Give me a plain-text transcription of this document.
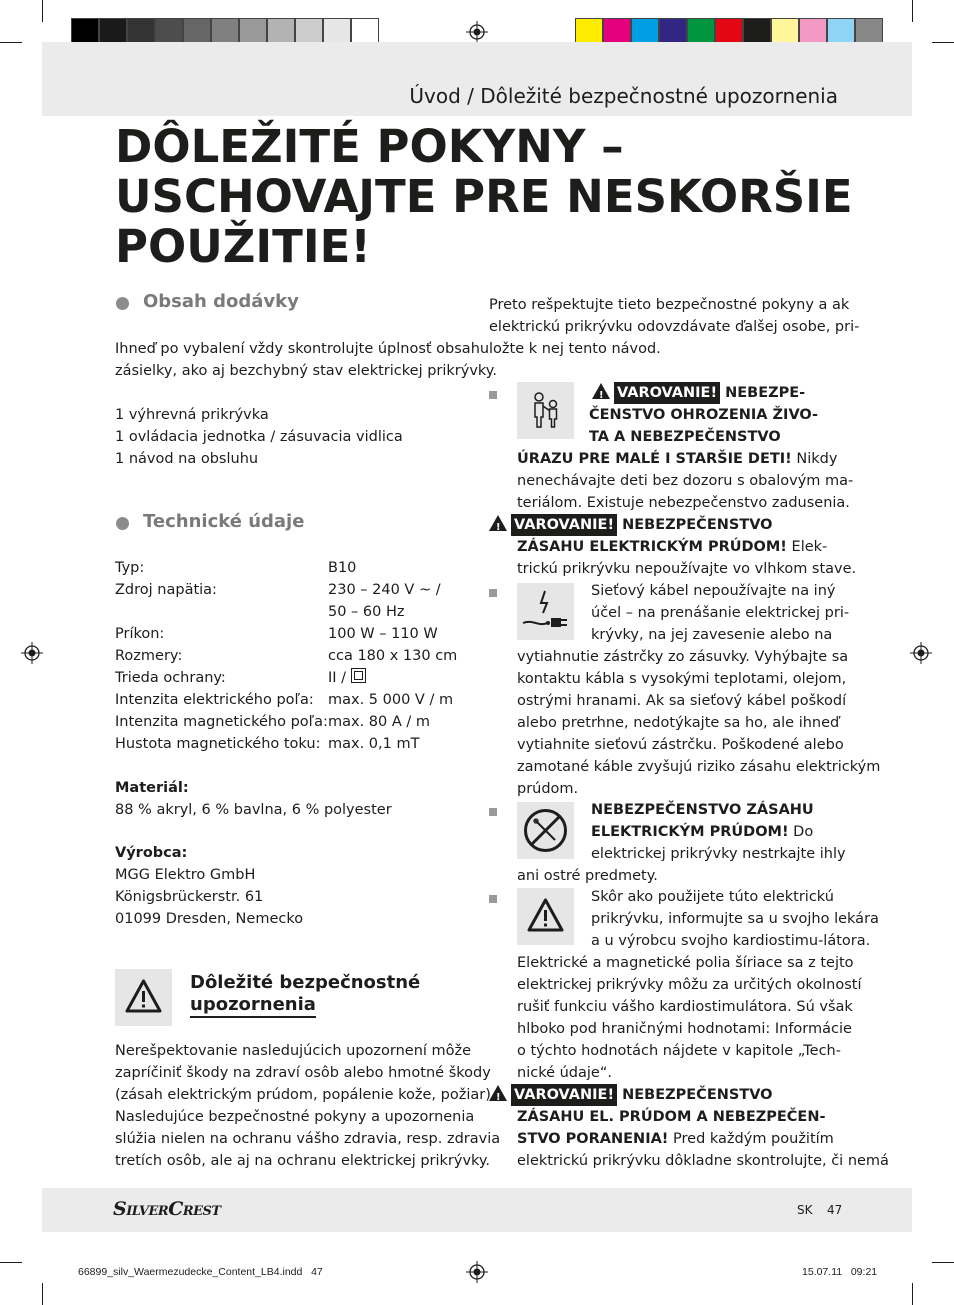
Úvod / Dôležité bezpečnostné upozornenia
DÔLEŽITÉ POKYNY –
USCHOVAJTE PRE NESKORŠIE
POUŽITIE!
Obsah dodávky
Ihneď po vybalení vždy skontrolujte úplnosť obsahu
zásielky, ako aj bezchybný stav elektrickej prikrývky.
1 výhrevná prikrývka
1 ovládacia jednotka / zásuvacia vidlica
1 návod na obsluhu
Technické údaje
Typ:	B10
Zdroj napätia:	230 – 240 V ~ /
50 – 60 Hz
Príkon:	100 W – 110 W
Rozmery:	cca 180 x 130 cm
Trieda ochrany:	II /
Intenzita elektrického poľa: max. 5 000 V / m
Intenzita magnetického poľa: max. 80 A / m
Hustota magnetického toku: max. 0,1 mT
Materiál:
88 % akryl, 6 % bavlna, 6 % polyester
Výrobca:
MGG Elektro GmbH
Königsbrückerstr. 61
01099 Dresden, Nemecko
Dôležité bezpečnostné
upozornenia
Nerešpektovanie nasledujúcich upozornení môže
zapríčiniť škody na zdraví osôb alebo hmotné škody
(zásah elektrickým prúdom, popálenie kože, požiar).
Nasledujúce bezpečnostné pokyny a upozornenia
slúžia nielen na ochranu vášho zdravia, resp. zdravia
tretích osôb, ale aj na ochranu elektrickej prikrývky.
Preto rešpektujte tieto bezpečnostné pokyny a ak
elektrickú prikrývku odovzdávate ďalšej osobe, pri-
ložte k nej tento návod.
!VAROVANIE! NEBEZPE-
ČENSTVO OHROZENIA ŽIVO-
TA A NEBEZPEČENSTVO
ÚRAZU PRE MALÉ I STARŠIE DETI! Nikdy
nenechávajte deti bez dozoru s obalovým ma-
teriálom. Existuje nebezpečenstvo zadusenia.
!VAROVANIE! NEBEZPEČENSTVO
ZÁSAHU ELEKTRICKÝM PRÚDOM! Elek-
trickú prikrývku nepoužívajte vo vlhkom stave.
Sieťový kábel nepoužívajte na iný
účel – na prenášanie elektrickej pri-
krývky, na jej zavesenie alebo na
vytiahnutie zástrčky zo zásuvky. Vyhýbajte sa
kontaktu kábla s vysokými teplotami, olejom,
ostrými hranami. Ak sa sieťový kábel poškodí
alebo pretrhne, nedotýkajte sa ho, ale ihneď
vytiahnite sieťovú zástrčku. Poškodené alebo
zamotané káble zvyšujú riziko zásahu elektrickým
prúdom.
NEBEZPEČENSTVO ZÁSAHU
ELEKTRICKÝM PRÚDOM! Do
elektrickej prikrývky nestrkajte ihly
ani ostré predmety.
Skôr ako použijete túto elektrickú
prikrývku, informujte sa u svojho lekára
a u výrobcu svojho kardiostimu-látora.
Elektrické a magnetické polia šíriace sa z tejto
elektrickej prikrývky môžu za určitých okolností
rušiť funkciu vášho kardiostimulátora. Sú však
hlboko pod hraničnými hodnotami: Informácie
o týchto hodnotách nájdete v kapitole „Tech-
nické údaje“.
!VAROVANIE! NEBEZPEČENSTVO
ZÁSAHU EL. PRÚDOM A NEBEZPEČEN-
STVO PORANENIA! Pred každým použitím
elektrickú prikrývku dôkladne skontrolujte, či nemá
SilverCrest	SK 47
66899_silv_Waermezudecke_Content_LB4.indd   47	15.07.11   09:21
